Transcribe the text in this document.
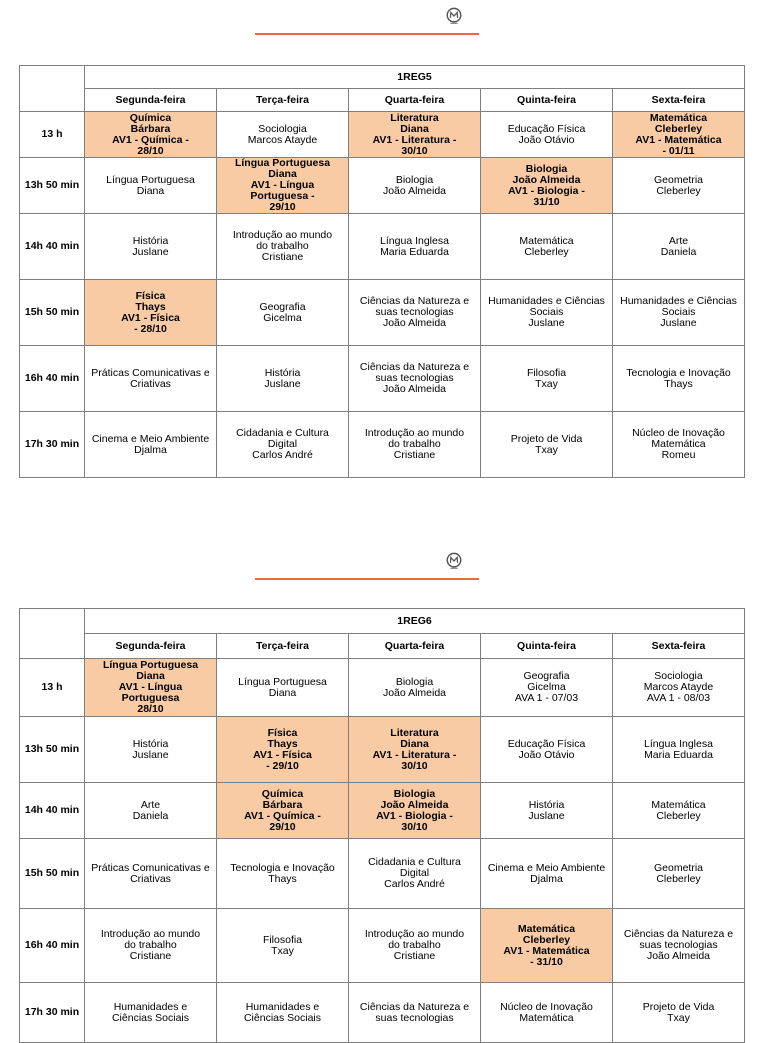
	1REG5				
	Segunda-feira	Terça-feira	Quarta-feira	Quinta-feira	Sexta-feira
13 h	Química
Bárbara
AV1 - Química -
28/10	Sociologia
Marcos Atayde	Literatura
Diana
AV1 - Literatura -
30/10	Educação Física
João Otávio	Matemática
Cleberley
AV1 - Matemática
- 01/11

13h 50 min	Língua Portuguesa
Diana	Língua Portuguesa
Diana
AV1 - Língua
Portuguesa -
29/10	Biologia
João Almeida	Biologia
João Almeida
AV1 - Biologia -
31/10	Geometria
Cleberley

14h 40 min	História
Juslane	Introdução ao mundo
do trabalho
Cristiane	Língua Inglesa
Maria Eduarda	Matemática
Cleberley	Arte
Daniela

15h 50 min	Física
Thays
AV1 - Física
- 28/10	Geografia
Gicelma	Ciências da Natureza e
suas tecnologias
João Almeida	Humanidades e Ciências
Sociais
Juslane	Humanidades e Ciências
Sociais
Juslane

16h 40 min	Práticas Comunicativas e
Criativas	História
Juslane	Ciências da Natureza e
suas tecnologias
João Almeida	Filosofia
Txay	Tecnologia e Inovação
Thays

17h 30 min	Cinema e Meio Ambiente
Djalma	Cidadania e Cultura
Digital
Carlos André	Introdução ao mundo
do trabalho
Cristiane	Projeto de Vida
Txay	Núcleo de Inovação
Matemática
Romeu
	1REG6				
	Segunda-feira	Terça-feira	Quarta-feira	Quinta-feira	Sexta-feira
13 h	Língua Portuguesa
Diana
AV1 - Língua
Portuguesa
28/10	Língua Portuguesa
Diana	Biologia
João Almeida	Geografia
Gicelma
AVA 1 - 07/03	Sociologia
Marcos Atayde
AVA 1 - 08/03

13h 50 min	História
Juslane	Física
Thays
AV1 - Física
- 29/10	Literatura
Diana
AV1 - Literatura -
30/10	Educação Física
João Otávio	Língua Inglesa
Maria Eduarda

14h 40 min	Arte
Daniela	Química
Bárbara
AV1 - Química -
29/10	Biologia
João Almeida
AV1 - Biologia -
30/10	História
Juslane	Matemática
Cleberley

15h 50 min	Práticas Comunicativas e
Criativas	Tecnologia e Inovação
Thays	Cidadania e Cultura
Digital
Carlos André	Cinema e Meio Ambiente
Djalma	Geometria
Cleberley

16h 40 min	Introdução ao mundo
do trabalho
Cristiane	Filosofia
Txay	Introdução ao mundo
do trabalho
Cristiane	Matemática
Cleberley
AV1 - Matemática
- 31/10	Ciências da Natureza e
suas tecnologias
João Almeida

17h 30 min	Humanidades e
Ciências Sociais	Humanidades e
Ciências Sociais	Ciências da Natureza e
suas tecnologias	Núcleo de Inovação
Matemática	Projeto de Vida
Txay
